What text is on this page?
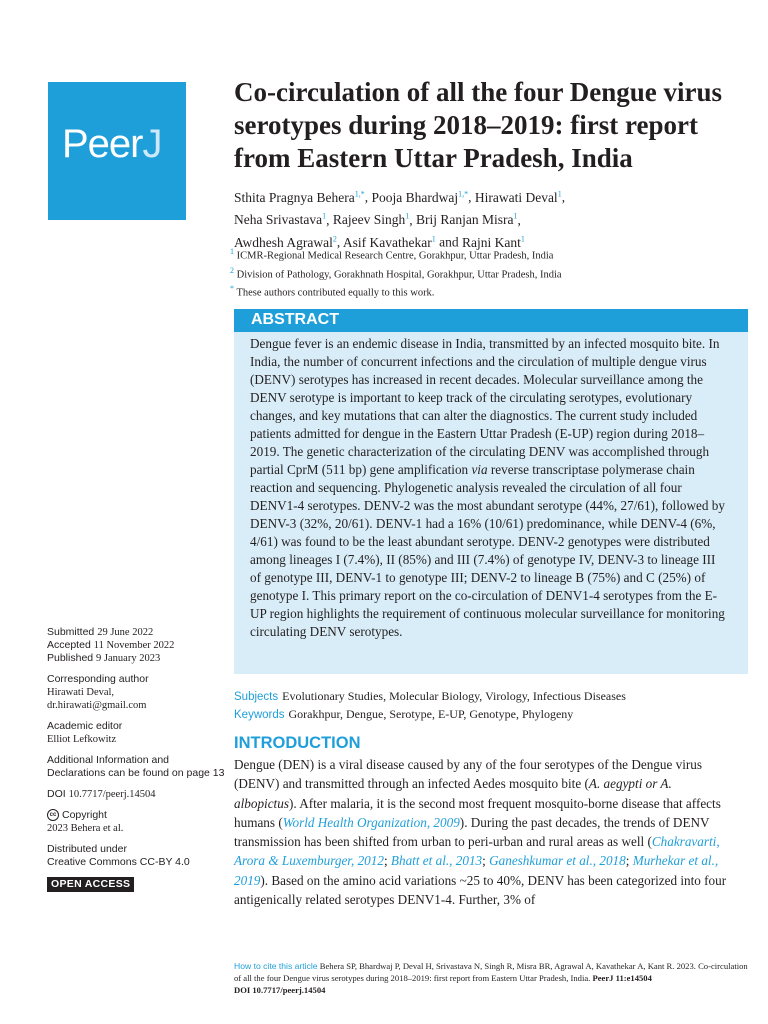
PeerJ
Co-circulation of all the four Dengue virus serotypes during 2018–2019: first report from Eastern Uttar Pradesh, India
Sthita Pragnya Behera$^{1,*}$, Pooja Bhardwaj$^{1,*}$, Hirawati Deval$^1$,
Neha Srivastava$^1$, Rajeev Singh$^1$, Brij Ranjan Misra$^1$,
Awdhesh Agrawal$^2$, Asif Kavathekar$^1$ and Rajni Kant$^1$
$^1$ ICMR-Regional Medical Research Centre, Gorakhpur, Uttar Pradesh, India
$^2$ Division of Pathology, Gorakhnath Hospital, Gorakhpur, Uttar Pradesh, India
* These authors contributed equally to this work.
ABSTRACT
Dengue fever is an endemic disease in India, transmitted by an infected mosquito bite. In India, the number of concurrent infections and the circulation of multiple dengue virus (DENV) serotypes has increased in recent decades. Molecular surveillance among the DENV serotype is important to keep track of the circulating serotypes, evolutionary changes, and key mutations that can alter the diagnostics. The current study included patients admitted for dengue in the Eastern Uttar Pradesh (E-UP) region during 2018–2019. The genetic characterization of the circulating DENV was accomplished through partial CprM (511 bp) gene amplification via reverse transcriptase polymerase chain reaction and sequencing. Phylogenetic analysis revealed the circulation of all four DENV1-4 serotypes. DENV-2 was the most abundant serotype (44%, 27/61), followed by DENV-3 (32%, 20/61). DENV-1 had a 16% (10/61) predominance, while DENV-4 (6%, 4/61) was found to be the least abundant serotype. DENV-2 genotypes were distributed among lineages I (7.4%), II (85%) and III (7.4%) of genotype IV, DENV-3 to lineage III of genotype III, DENV-1 to genotype III; DENV-2 to lineage B (75%) and C (25%) of genotype I. This primary report on the co-circulation of DENV1-4 serotypes from the E-UP region highlights the requirement of continuous molecular surveillance for monitoring circulating DENV serotypes.
Submitted 29 June 2022
Accepted 11 November 2022
Published 9 January 2023
Corresponding author
Hirawati Deval,
dr.hirawati@gmail.com
Academic editor
Elliot Lefkowitz
Additional Information and Declarations can be found on page 13
DOI 10.7717/peerj.14504
cc Copyright
2023 Behera et al.
Distributed under
Creative Commons CC-BY 4.0
OPEN ACCESS
Subjects Evolutionary Studies, Molecular Biology, Virology, Infectious Diseases
Keywords Gorakhpur, Dengue, Serotype, E-UP, Genotype, Phylogeny
INTRODUCTION
Dengue (DEN) is a viral disease caused by any of the four serotypes of the Dengue virus (DENV) and transmitted through an infected Aedes mosquito bite (A. aegypti or A. albopictus). After malaria, it is the second most frequent mosquito-borne disease that affects humans (World Health Organization, 2009). During the past decades, the trends of DENV transmission has been shifted from urban to peri-urban and rural areas as well (Chakravarti, Arora & Luxemburger, 2012; Bhatt et al., 2013; Ganeshkumar et al., 2018; Murhekar et al., 2019). Based on the amino acid variations ~25 to 40%, DENV has been categorized into four antigenically related serotypes DENV1-4. Further, 3% of
How to cite this article Behera SP, Bhardwaj P, Deval H, Srivastava N, Singh R, Misra BR, Agrawal A, Kavathekar A, Kant R. 2023. Co-circulation of all the four Dengue virus serotypes during 2018–2019: first report from Eastern Uttar Pradesh, India. PeerJ 11:e14504
DOI 10.7717/peerj.14504
